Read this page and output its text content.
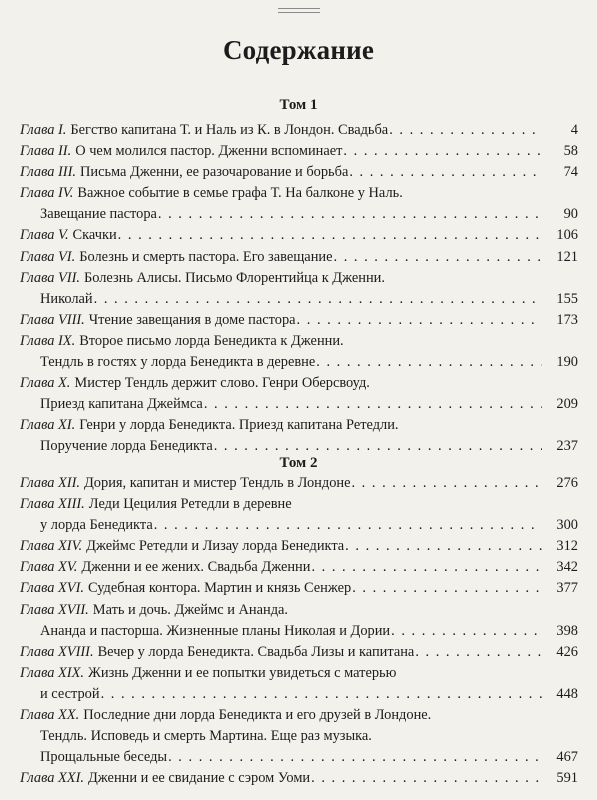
Содержание
Том 1
Глава I. Бегство капитана Т. и Наль из К. в Лондон. Свадьба . . .	4
Глава II. О чем молился пастор. Дженни вспоминает . . .	58
Глава III. Письма Дженни, ее разочарование и борьба . . .	74
Глава IV. Важное событие в семье графа Т. На балконе у Наль.
Завещание пастора . . .	90
Глава V. Скачки . . .	106
Глава VI. Болезнь и смерть пастора. Его завещание . . .	121
Глава VII. Болезнь Алисы. Письмо Флорентийца к Дженни.
Николай . . .	155
Глава VIII. Чтение завещания в доме пастора . . .	173
Глава IX. Второе письмо лорда Бенедикта к Дженни.
Тендль в гостях у лорда Бенедикта в деревне . . .	190
Глава X. Мистер Тендль держит слово. Генри Оберсвоуд.
Приезд капитана Джеймса . . .	209
Глава XI. Генри у лорда Бенедикта. Приезд капитана Ретедли.
Поручение лорда Бенедикта . . .	237
Том 2
Глава XII. Дория, капитан и мистер Тендль в Лондоне . . .	276
Глава XIII. Леди Цецилия Ретедли в деревне
у лорда Бенедикта . . .	300
Глава XIV. Джеймс Ретедли и Лизау лорда Бенедикта . . .	312
Глава XV. Дженни и ее жених. Свадьба Дженни . . .	342
Глава XVI. Судебная контора. Мартин и князь Сенжер . . .	377
Глава XVII. Мать и дочь. Джеймс и Ананда.
Ананда и пасторша. Жизненные планы Николая и Дории . . .	398
Глава XVIII. Вечер у лорда Бенедикта. Свадьба Лизы и капитана . . .	426
Глава XIX. Жизнь Дженни и ее попытки увидеться с матерью
и сестрой . . .	448
Глава XX. Последние дни лорда Бенедикта и его друзей в Лондоне.
Тендль. Исповедь и смерть Мартина. Еще раз музыка.
Прощальные беседы . . .	467
Глава XXI. Дженни и ее свидание с сэром Уоми . . .	591
